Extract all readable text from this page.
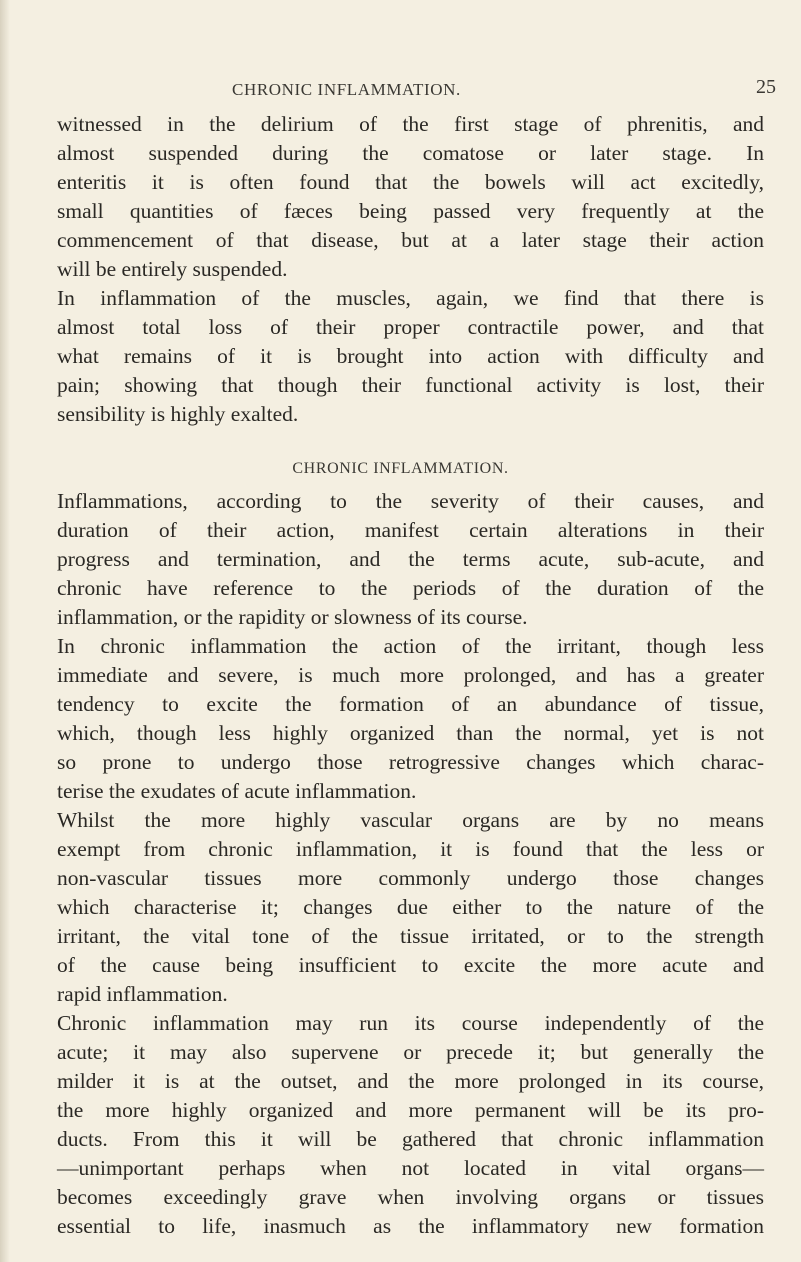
CHRONIC INFLAMMATION.	25
witnessed in the delirium of the first stage of phrenitis, and
almost suspended during the comatose or later stage. In
enteritis it is often found that the bowels will act excitedly,
small quantities of fæces being passed very frequently at the
commencement of that disease, but at a later stage their action
will be entirely suspended.
In inflammation of the muscles, again, we find that there is
almost total loss of their proper contractile power, and that
what remains of it is brought into action with difficulty and
pain; showing that though their functional activity is lost, their
sensibility is highly exalted.
CHRONIC INFLAMMATION.
Inflammations, according to the severity of their causes, and
duration of their action, manifest certain alterations in their
progress and termination, and the terms acute, sub-acute, and
chronic have reference to the periods of the duration of the
inflammation, or the rapidity or slowness of its course.
In chronic inflammation the action of the irritant, though less
immediate and severe, is much more prolonged, and has a greater
tendency to excite the formation of an abundance of tissue,
which, though less highly organized than the normal, yet is not
so prone to undergo those retrogressive changes which charac-
terise the exudates of acute inflammation.
Whilst the more highly vascular organs are by no means
exempt from chronic inflammation, it is found that the less or
non-vascular tissues more commonly undergo those changes
which characterise it; changes due either to the nature of the
irritant, the vital tone of the tissue irritated, or to the strength
of the cause being insufficient to excite the more acute and
rapid inflammation.
Chronic inflammation may run its course independently of the
acute; it may also supervene or precede it; but generally the
milder it is at the outset, and the more prolonged in its course,
the more highly organized and more permanent will be its pro-
ducts. From this it will be gathered that chronic inflammation
—unimportant perhaps when not located in vital organs—
becomes exceedingly grave when involving organs or tissues
essential to life, inasmuch as the inflammatory new formation
